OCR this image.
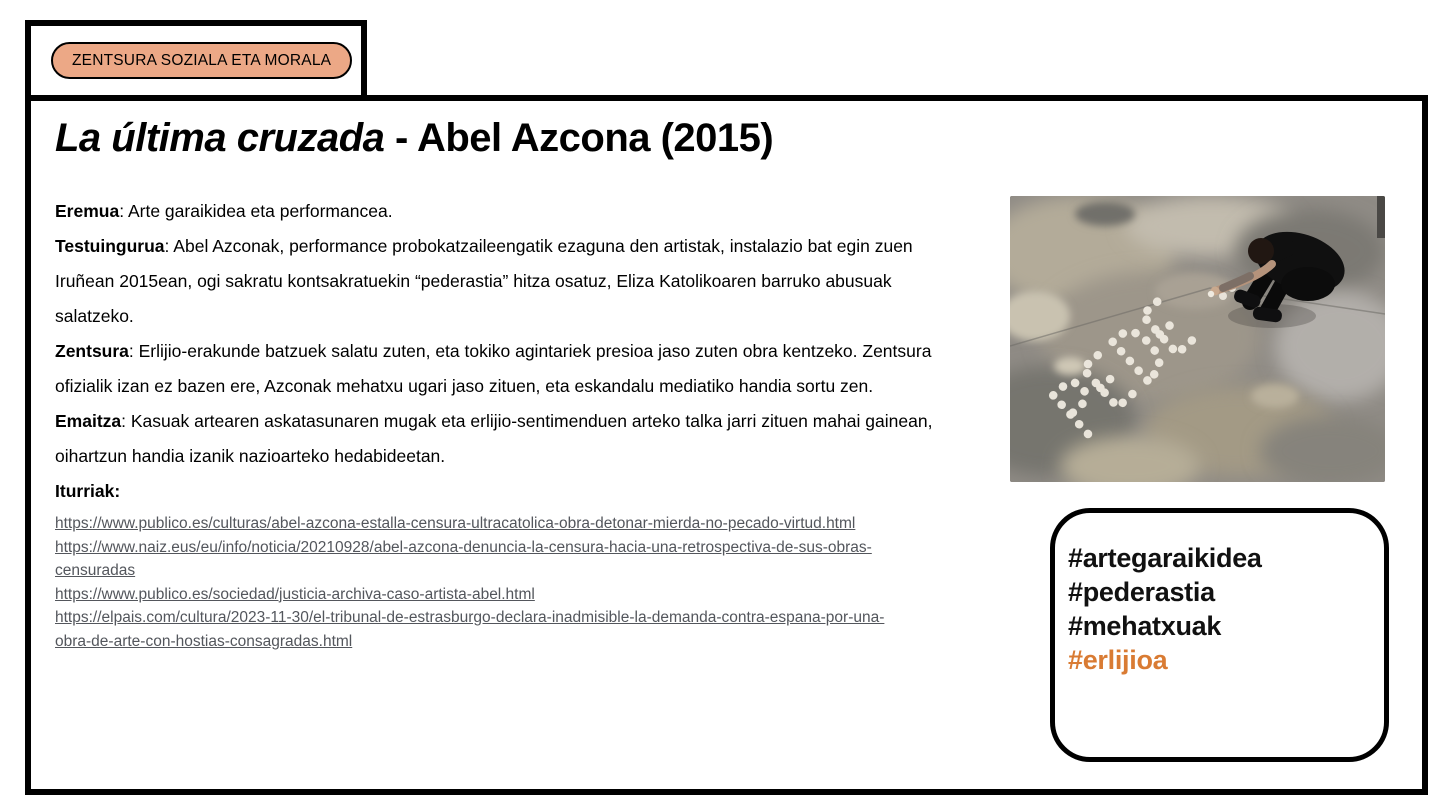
ZENTSURA SOZIALA ETA MORALA
La última cruzada - Abel Azcona (2015)

Eremua: Arte garaikidea eta performancea.

Testuingurua: Abel Azconak, performance probokatzaileengatik ezaguna den artistak, instalazio bat egin zuen Iruñean 2015ean, ogi sakratu kontsakratuekin “pederastia” hitza osatuz, Eliza Katolikoaren barruko abusuak salatzeko.

Zentsura: Erlijio-erakunde batzuek salatu zuten, eta tokiko agintariek presioa jaso zuten obra kentzeko. Zentsura ofizialik izan ez bazen ere, Azconak mehatxu ugari jaso zituen, eta eskandalu mediatiko handia sortu zen.

Emaitza: Kasuak artearen askatasunaren mugak eta erlijio-sentimenduen arteko talka jarri zituen mahai gainean, oihartzun handia izanik nazioarteko hedabideetan.

Iturriak:

https://www.publico.es/culturas/abel-azcona-estalla-censura-ultracatolica-obra-detonar-mierda-no-pecado-virtud.html
https://www.naiz.eus/eu/info/noticia/20210928/abel-azcona-denuncia-la-censura-hacia-una-retrospectiva-de-sus-obras-censuradas
https://www.publico.es/sociedad/justicia-archiva-caso-artista-abel.html
https://elpais.com/cultura/2023-11-30/el-tribunal-de-estrasburgo-declara-inadmisible-la-demanda-contra-espana-por-una-obra-de-arte-con-hostias-consagradas.html
#artegaraikidea
#pederastia
#mehatxuak
#erlijioa
